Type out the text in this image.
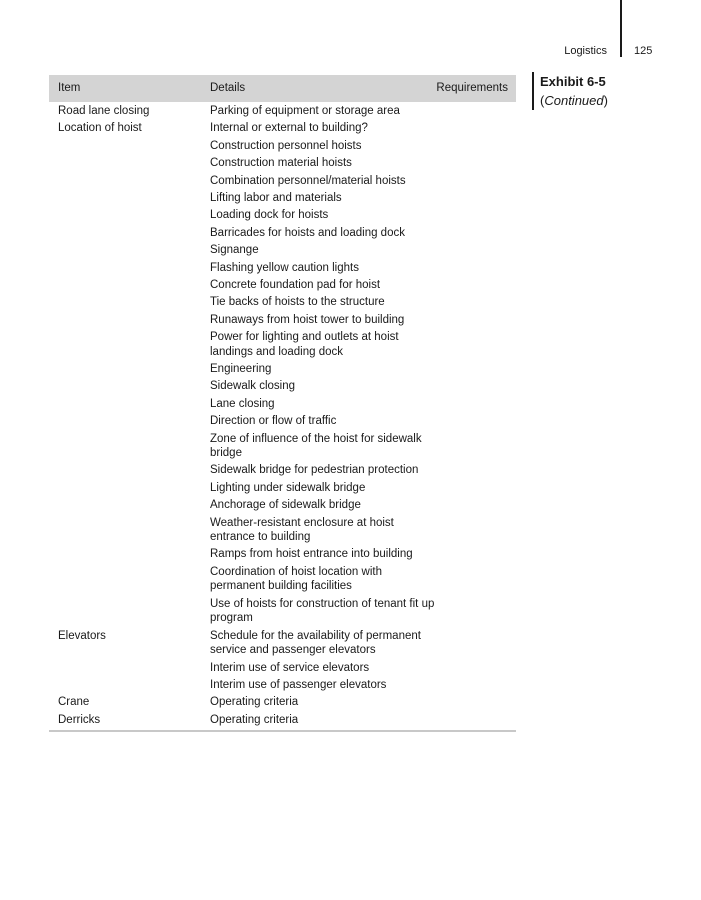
Logistics 125
Exhibit 6-5
(Continued)
Item	Details	Requirements
Road lane closing	Parking of equipment or storage area
Location of hoist	Internal or external to building?
Construction personnel hoists
Construction material hoists
Combination personnel/material hoists
Lifting labor and materials
Loading dock for hoists
Barricades for hoists and loading dock
Signange
Flashing yellow caution lights
Concrete foundation pad for hoist
Tie backs of hoists to the structure
Runaways from hoist tower to building
Power for lighting and outlets at hoist landings and loading dock
Engineering
Sidewalk closing
Lane closing
Direction or flow of traffic
Zone of influence of the hoist for sidewalk bridge
Sidewalk bridge for pedestrian protection
Lighting under sidewalk bridge
Anchorage of sidewalk bridge
Weather-resistant enclosure at hoist entrance to building
Ramps from hoist entrance into building
Coordination of hoist location with permanent building facilities
Use of hoists for construction of tenant fit up program
Elevators	Schedule for the availability of permanent service and passenger elevators
Interim use of service elevators
Interim use of passenger elevators
Crane	Operating criteria
Derricks	Operating criteria
